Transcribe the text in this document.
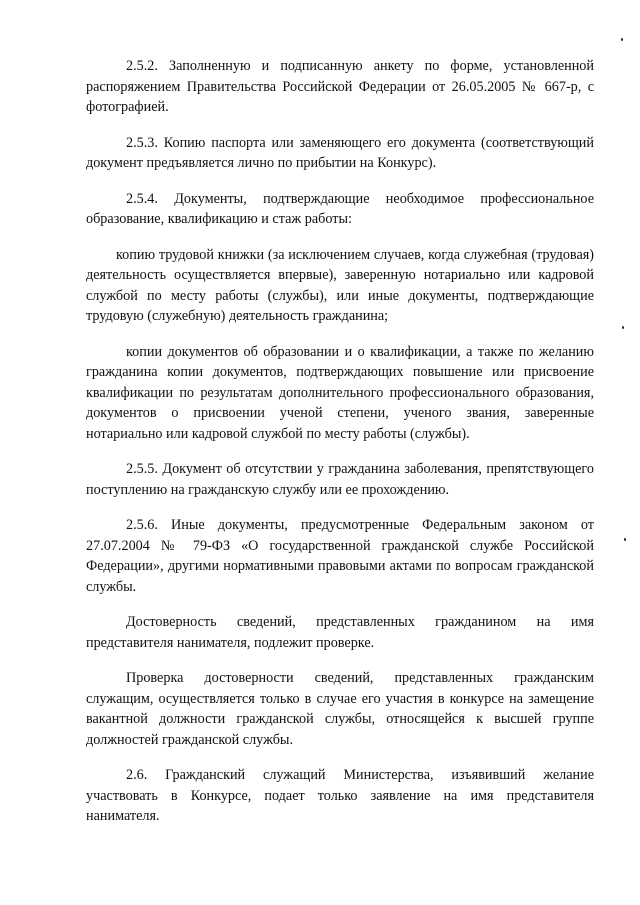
2.5.2. Заполненную и подписанную анкету по форме, установленной распоряжением Правительства Российской Федерации от 26.05.2005 № 667-р, с фотографией.

2.5.3. Копию паспорта или заменяющего его документа (соответствующий документ предъявляется лично по прибытии на Конкурс).

2.5.4. Документы, подтверждающие необходимое профессиональное образование, квалификацию и стаж работы:

копию трудовой книжки (за исключением случаев, когда служебная (трудовая) деятельность осуществляется впервые), заверенную нотариально или кадровой службой по месту работы (службы), или иные документы, подтверждающие трудовую (служебную) деятельность гражданина;

копии документов об образовании и о квалификации, а также по желанию гражданина копии документов, подтверждающих повышение или присвоение квалификации по результатам дополнительного профессионального образования, документов о присвоении ученой степени, ученого звания, заверенные нотариально или кадровой службой по месту работы (службы).

2.5.5. Документ об отсутствии у гражданина заболевания, препятствующего поступлению на гражданскую службу или ее прохождению.

2.5.6. Иные документы, предусмотренные Федеральным законом от 27.07.2004 № 79-ФЗ «О государственной гражданской службе Российской Федерации», другими нормативными правовыми актами по вопросам гражданской службы.

Достоверность сведений, представленных гражданином на имя представителя нанимателя, подлежит проверке.

Проверка достоверности сведений, представленных гражданским служащим, осуществляется только в случае его участия в конкурсе на замещение вакантной должности гражданской службы, относящейся к высшей группе должностей гражданской службы.

2.6. Гражданский служащий Министерства, изъявивший желание участвовать в Конкурсе, подает только заявление на имя представителя нанимателя.
